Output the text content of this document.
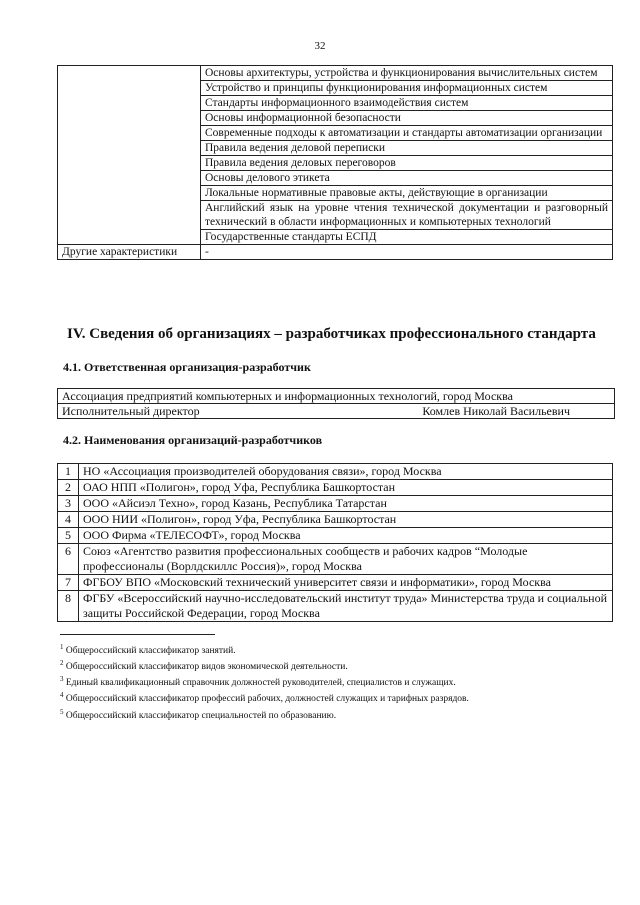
32
	Основы архитектуры, устройства и функционирования вычислительных систем
	Устройство и принципы функционирования информационных систем
	Стандарты информационного взаимодействия систем
	Основы информационной безопасности
	Современные подходы к автоматизации и стандарты автоматизации организации
	Правила ведения деловой переписки
	Правила ведения деловых переговоров
	Основы делового этикета
	Локальные нормативные правовые акты, действующие в организации
	Английский язык на уровне чтения технической документации и разговорный технический в области информационных и компьютерных технологий
	Государственные стандарты ЕСПД
Другие характеристики	-
IV. Сведения об организациях – разработчиках профессионального стандарта
4.1. Ответственная организация-разработчик
Ассоциация предприятий компьютерных и информационных технологий, город Москва
Исполнительный директор	Комлев Николай Васильевич
4.2. Наименования организаций-разработчиков
1	НО «Ассоциация производителей оборудования связи», город Москва
2	ОАО НПП «Полигон», город Уфа, Республика Башкортостан
3	ООО «Айсиэл Техно», город Казань, Республика Татарстан
4	ООО НИИ «Полигон», город Уфа, Республика Башкортостан
5	ООО Фирма «ТЕЛЕСОФТ», город Москва
6	Союз «Агентство развития профессиональных сообществ и рабочих кадров “Молодые профессионалы (Ворлдскиллс Россия)», город Москва
7	ФГБОУ ВПО «Московский технический университет связи и информатики», город Москва
8	ФГБУ «Всероссийский научно-исследовательский институт труда» Министерства труда и социальной защиты Российской Федерации, город Москва
$^1$ Общероссийский классификатор занятий.
$^2$ Общероссийский классификатор видов экономической деятельности.
$^3$ Единый квалификационный справочник должностей руководителей, специалистов и служащих.
$^4$ Общероссийский классификатор профессий рабочих, должностей служащих и тарифных разрядов.
$^5$ Общероссийский классификатор специальностей по образованию.
